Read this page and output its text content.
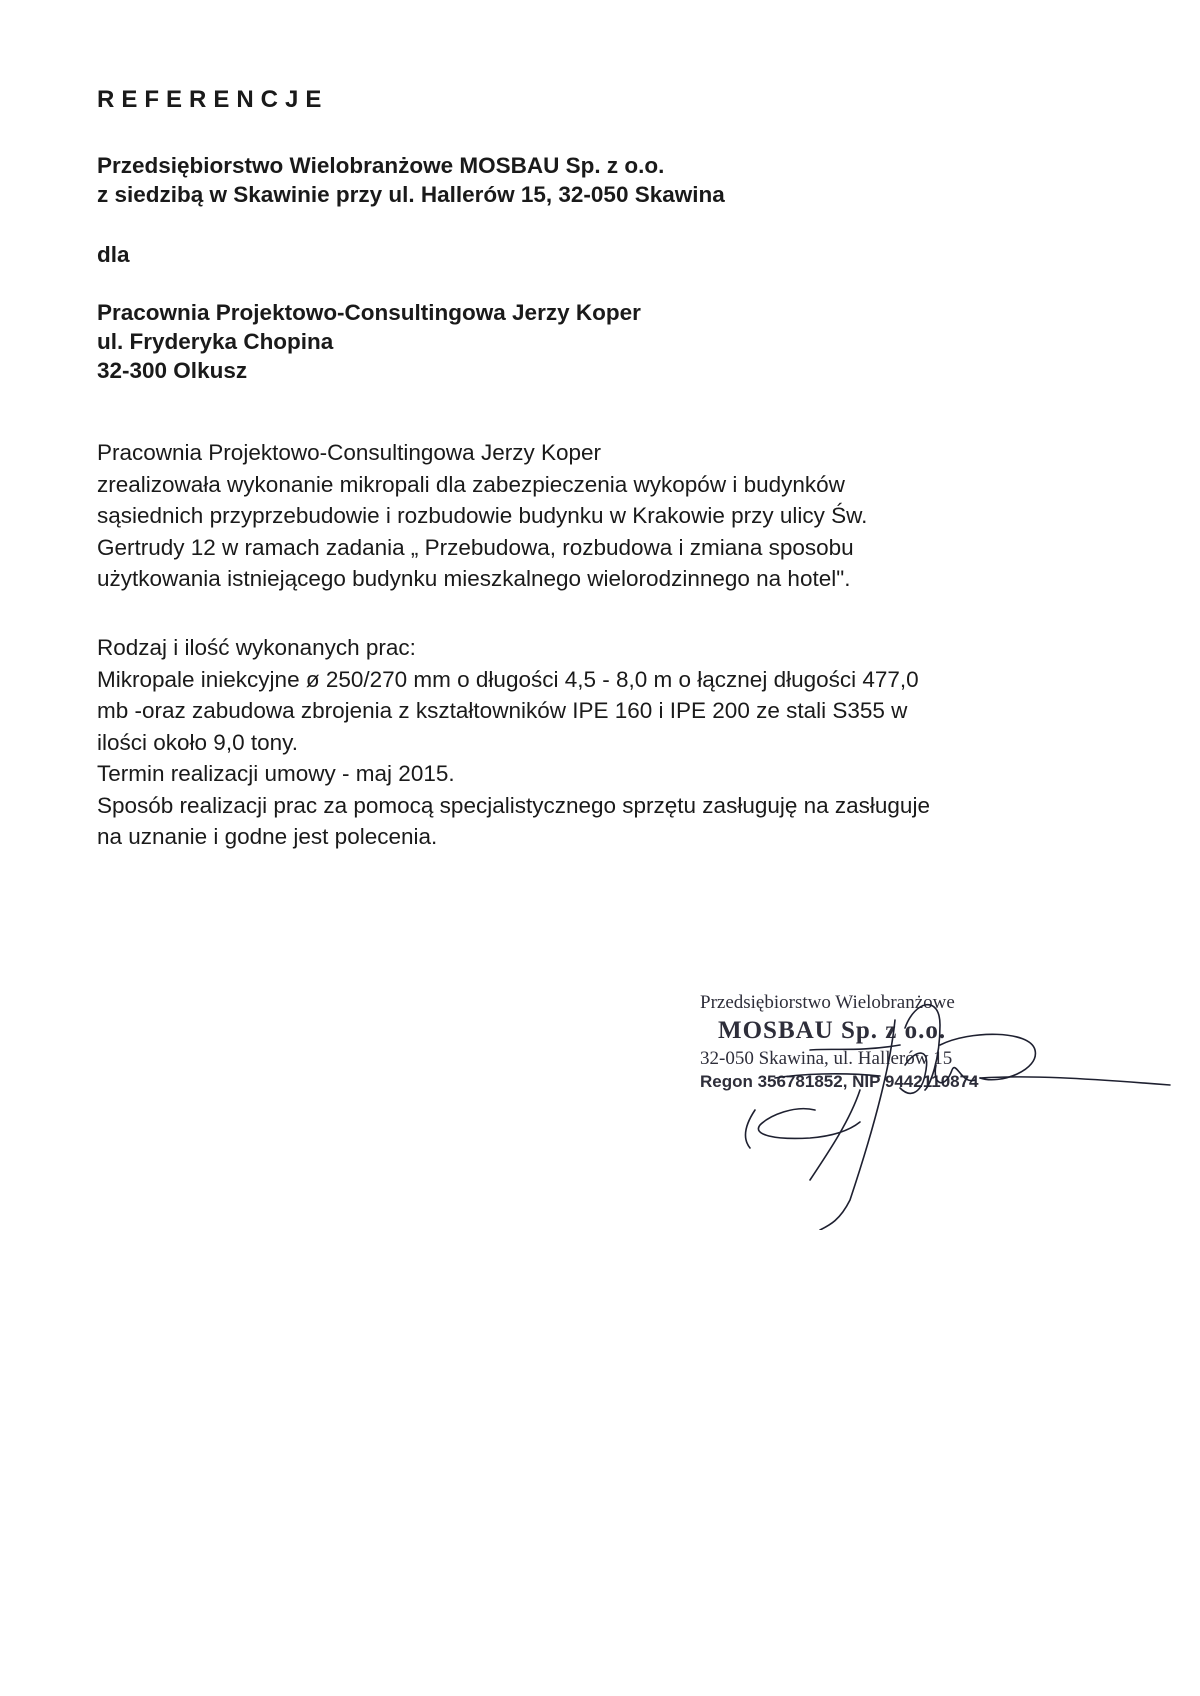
REFERENCJE

Przedsiębiorstwo Wielobranżowe MOSBAU Sp. z o.o.

z siedzibą w Skawinie przy ul. Hallerów 15, 32-050 Skawina

dla

Pracownia Projektowo-Consultingowa Jerzy Koper

ul. Fryderyka Chopina

32-300 Olkusz

Pracownia Projektowo-Consultingowa Jerzy Koper

zrealizowała wykonanie mikropali dla zabezpieczenia wykopów i budynków

sąsiednich przyprzebudowie i rozbudowie budynku w Krakowie przy ulicy Św.

Gertrudy 12 w ramach zadania „ Przebudowa, rozbudowa i zmiana sposobu

użytkowania istniejącego budynku mieszkalnego wielorodzinnego na hotel".

Rodzaj i ilość wykonanych prac:

Mikropale iniekcyjne ø 250/270 mm o długości 4,5 - 8,0 m o łącznej długości 477,0

mb -oraz zabudowa zbrojenia z kształtowników IPE 160 i IPE 200 ze stali S355 w

ilości około 9,0 tony.

Termin realizacji umowy - maj 2015.

Sposób realizacji prac za pomocą specjalistycznego sprzętu zasługuję na zasługuje

na uznanie i godne jest polecenia.

Przedsiębiorstwo Wielobranżowe

MOSBAU Sp. z o.o.

32-050 Skawina, ul. Hallerów 15

Regon 356781852, NIP 9442110874
